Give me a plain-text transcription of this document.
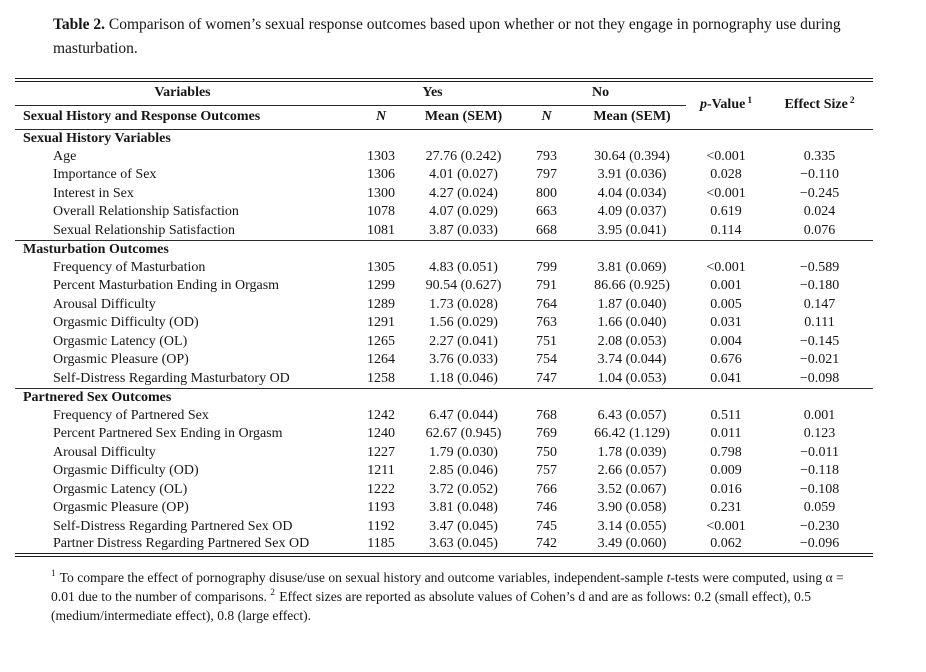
Table 2. Comparison of women’s sexual response outcomes based upon whether or not they engage in pornography use during masturbation.
Variables	Yes		No		p-Value $^1$	Effect Size $^2$
Sexual History and Response Outcomes	N	Mean (SEM)	N	Mean (SEM)		
Sexual History Variables						
Age	1303	27.76 (0.242)	793	30.64 (0.394)	<0.001	0.335
Importance of Sex	1306	4.01 (0.027)	797	3.91 (0.036)	0.028	−0.110
Interest in Sex	1300	4.27 (0.024)	800	4.04 (0.034)	<0.001	−0.245
Overall Relationship Satisfaction	1078	4.07 (0.029)	663	4.09 (0.037)	0.619	0.024
Sexual Relationship Satisfaction	1081	3.87 (0.033)	668	3.95 (0.041)	0.114	0.076
Masturbation Outcomes						
Frequency of Masturbation	1305	4.83 (0.051)	799	3.81 (0.069)	<0.001	−0.589
Percent Masturbation Ending in Orgasm	1299	90.54 (0.627)	791	86.66 (0.925)	0.001	−0.180
Arousal Difficulty	1289	1.73 (0.028)	764	1.87 (0.040)	0.005	0.147
Orgasmic Difficulty (OD)	1291	1.56 (0.029)	763	1.66 (0.040)	0.031	0.111
Orgasmic Latency (OL)	1265	2.27 (0.041)	751	2.08 (0.053)	0.004	−0.145
Orgasmic Pleasure (OP)	1264	3.76 (0.033)	754	3.74 (0.044)	0.676	−0.021
Self-Distress Regarding Masturbatory OD	1258	1.18 (0.046)	747	1.04 (0.053)	0.041	−0.098
Partnered Sex Outcomes						
Frequency of Partnered Sex	1242	6.47 (0.044)	768	6.43 (0.057)	0.511	0.001
Percent Partnered Sex Ending in Orgasm	1240	62.67 (0.945)	769	66.42 (1.129)	0.011	0.123
Arousal Difficulty	1227	1.79 (0.030)	750	1.78 (0.039)	0.798	−0.011
Orgasmic Difficulty (OD)	1211	2.85 (0.046)	757	2.66 (0.057)	0.009	−0.118
Orgasmic Latency (OL)	1222	3.72 (0.052)	766	3.52 (0.067)	0.016	−0.108
Orgasmic Pleasure (OP)	1193	3.81 (0.048)	746	3.90 (0.058)	0.231	0.059
Self-Distress Regarding Partnered Sex OD	1192	3.47 (0.045)	745	3.14 (0.055)	<0.001	−0.230
Partner Distress Regarding Partnered Sex OD	1185	3.63 (0.045)	742	3.49 (0.060)	0.062	−0.096
$^1$ To compare the effect of pornography disuse/use on sexual history and outcome variables, independent-sample t-tests were computed, using α = 0.01 due to the number of comparisons. $^2$ Effect sizes are reported as absolute values of Cohen’s d and are as follows: 0.2 (small effect), 0.5 (medium/intermediate effect), 0.8 (large effect).
